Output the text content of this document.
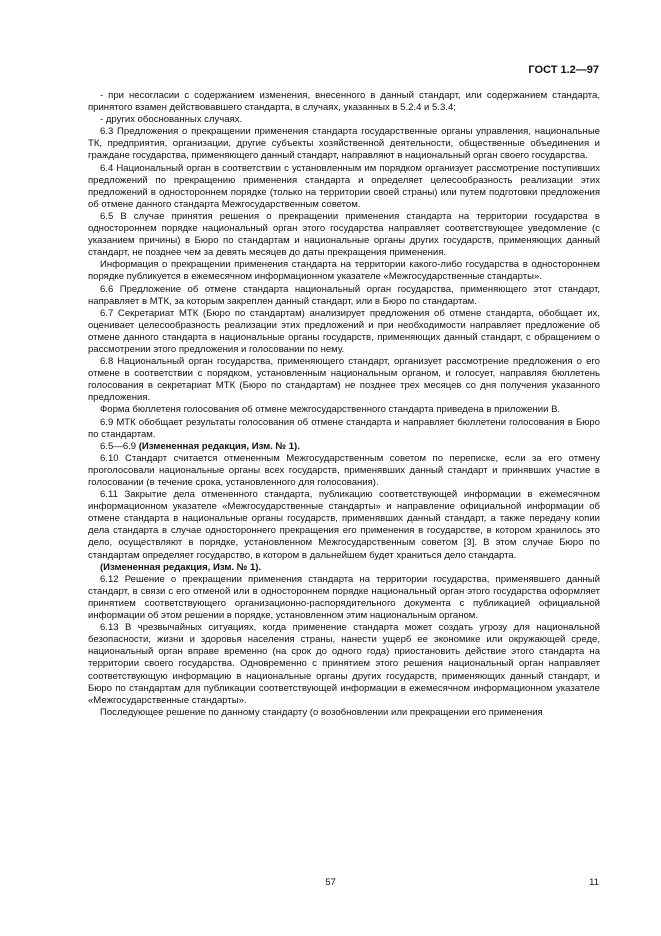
ГОСТ 1.2—97

- при несогласии с содержанием изменения, внесенного в данный стандарт, или содержанием стандарта, принятого взамен действовавшего стандарта, в случаях, указанных в 5.2.4 и 5.3.4;

- других обоснованных случаях.

6.3 Предложения о прекращении применения стандарта государственные органы управления, национальные ТК, предприятия, организации, другие субъекты хозяйственной деятельности, общественные объединения и граждане государства, применяющего данный стандарт, направляют в национальный орган своего государства.

6.4 Национальный орган в соответствии с установленным им порядком организует рассмотрение поступивших предложений по прекращению применения стандарта и определяет целесообразность реализации этих предложений в одностороннем порядке (только на территории своей страны) или путем подготовки предложения об отмене данного стандарта Межгосударственным советом.

6.5 В случае принятия решения о прекращении применения стандарта на территории государства в одностороннем порядке национальный орган этого государства направляет соответствующее уведомление (с указанием причины) в Бюро по стандартам и национальные органы других государств, применяющих данный стандарт, не позднее чем за девять месяцев до даты прекращения применения.

Информация о прекращении применения стандарта на территории какого-либо государства в одностороннем порядке публикуется в ежемесячном информационном указателе «Межгосударственные стандарты».

6.6 Предложение об отмене стандарта национальный орган государства, применяющего этот стандарт, направляет в МТК, за которым закреплен данный стандарт, или в Бюро по стандартам.

6.7 Секретариат МТК (Бюро по стандартам) анализирует предложения об отмене стандарта, обобщает их, оценивает целесообразность реализации этих предложений и при необходимости направляет предложение об отмене данного стандарта в национальные органы государств, применяющих данный стандарт, с обращением о рассмотрении этого предложения и голосовании по нему.

6.8 Национальный орган государства, применяющего стандарт, организует рассмотрение предложения о его отмене в соответствии с порядком, установленным национальным органом, и голосует, направляя бюллетень голосования в секретариат МТК (Бюро по стандартам) не позднее трех месяцев со дня получения указанного предложения.

Форма бюллетеня голосования об отмене межгосударственного стандарта приведена в приложении В.

6.9 МТК обобщает результаты голосования об отмене стандарта и направляет бюллетени голосования в Бюро по стандартам.

6.5—6.9 (Измененная редакция, Изм. № 1).

6.10 Стандарт считается отмененным Межгосударственным советом по переписке, если за его отмену проголосовали национальные органы всех государств, применявших данный стандарт и принявших участие в голосовании (в течение срока, установленного для голосования).

6.11 Закрытие дела отмененного стандарта, публикацию соответствующей информации в ежемесячном информационном указателе «Межгосударственные стандарты» и направление официальной информации об отмене стандарта в национальные органы государств, применявших данный стандарт, а также передачу копии дела стандарта в случае одностороннего прекращения его применения в государстве, в котором хранилось это дело, осуществляют в порядке, установленном Межгосударственным советом [3]. В этом случае Бюро по стандартам определяет государство, в котором в дальнейшем будет храниться дело стандарта.

(Измененная редакция, Изм. № 1).

6.12 Решение о прекращении применения стандарта на территории государства, применявшего данный стандарт, в связи с его отменой или в одностороннем порядке национальный орган этого государства оформляет принятием соответствующего организационно-распорядительного документа с публикацией официальной информации об этом решении в порядке, установленном этим национальным органом.

6.13 В чрезвычайных ситуациях, когда применение стандарта может создать угрозу для национальной безопасности, жизни и здоровья населения страны, нанести ущерб ее экономике или окружающей среде, национальный орган вправе временно (на срок до одного года) приостановить действие этого стандарта на территории своего государства. Одновременно с принятием этого решения национальный орган направляет соответствующую информацию в национальные органы других государств, применяющих данный стандарт, и Бюро по стандартам для публикации соответствующей информации в ежемесячном информационном указателе «Межгосударственные стандарты».

Последующее решение по данному стандарту (о возобновлении или прекращении его применения

57	11
